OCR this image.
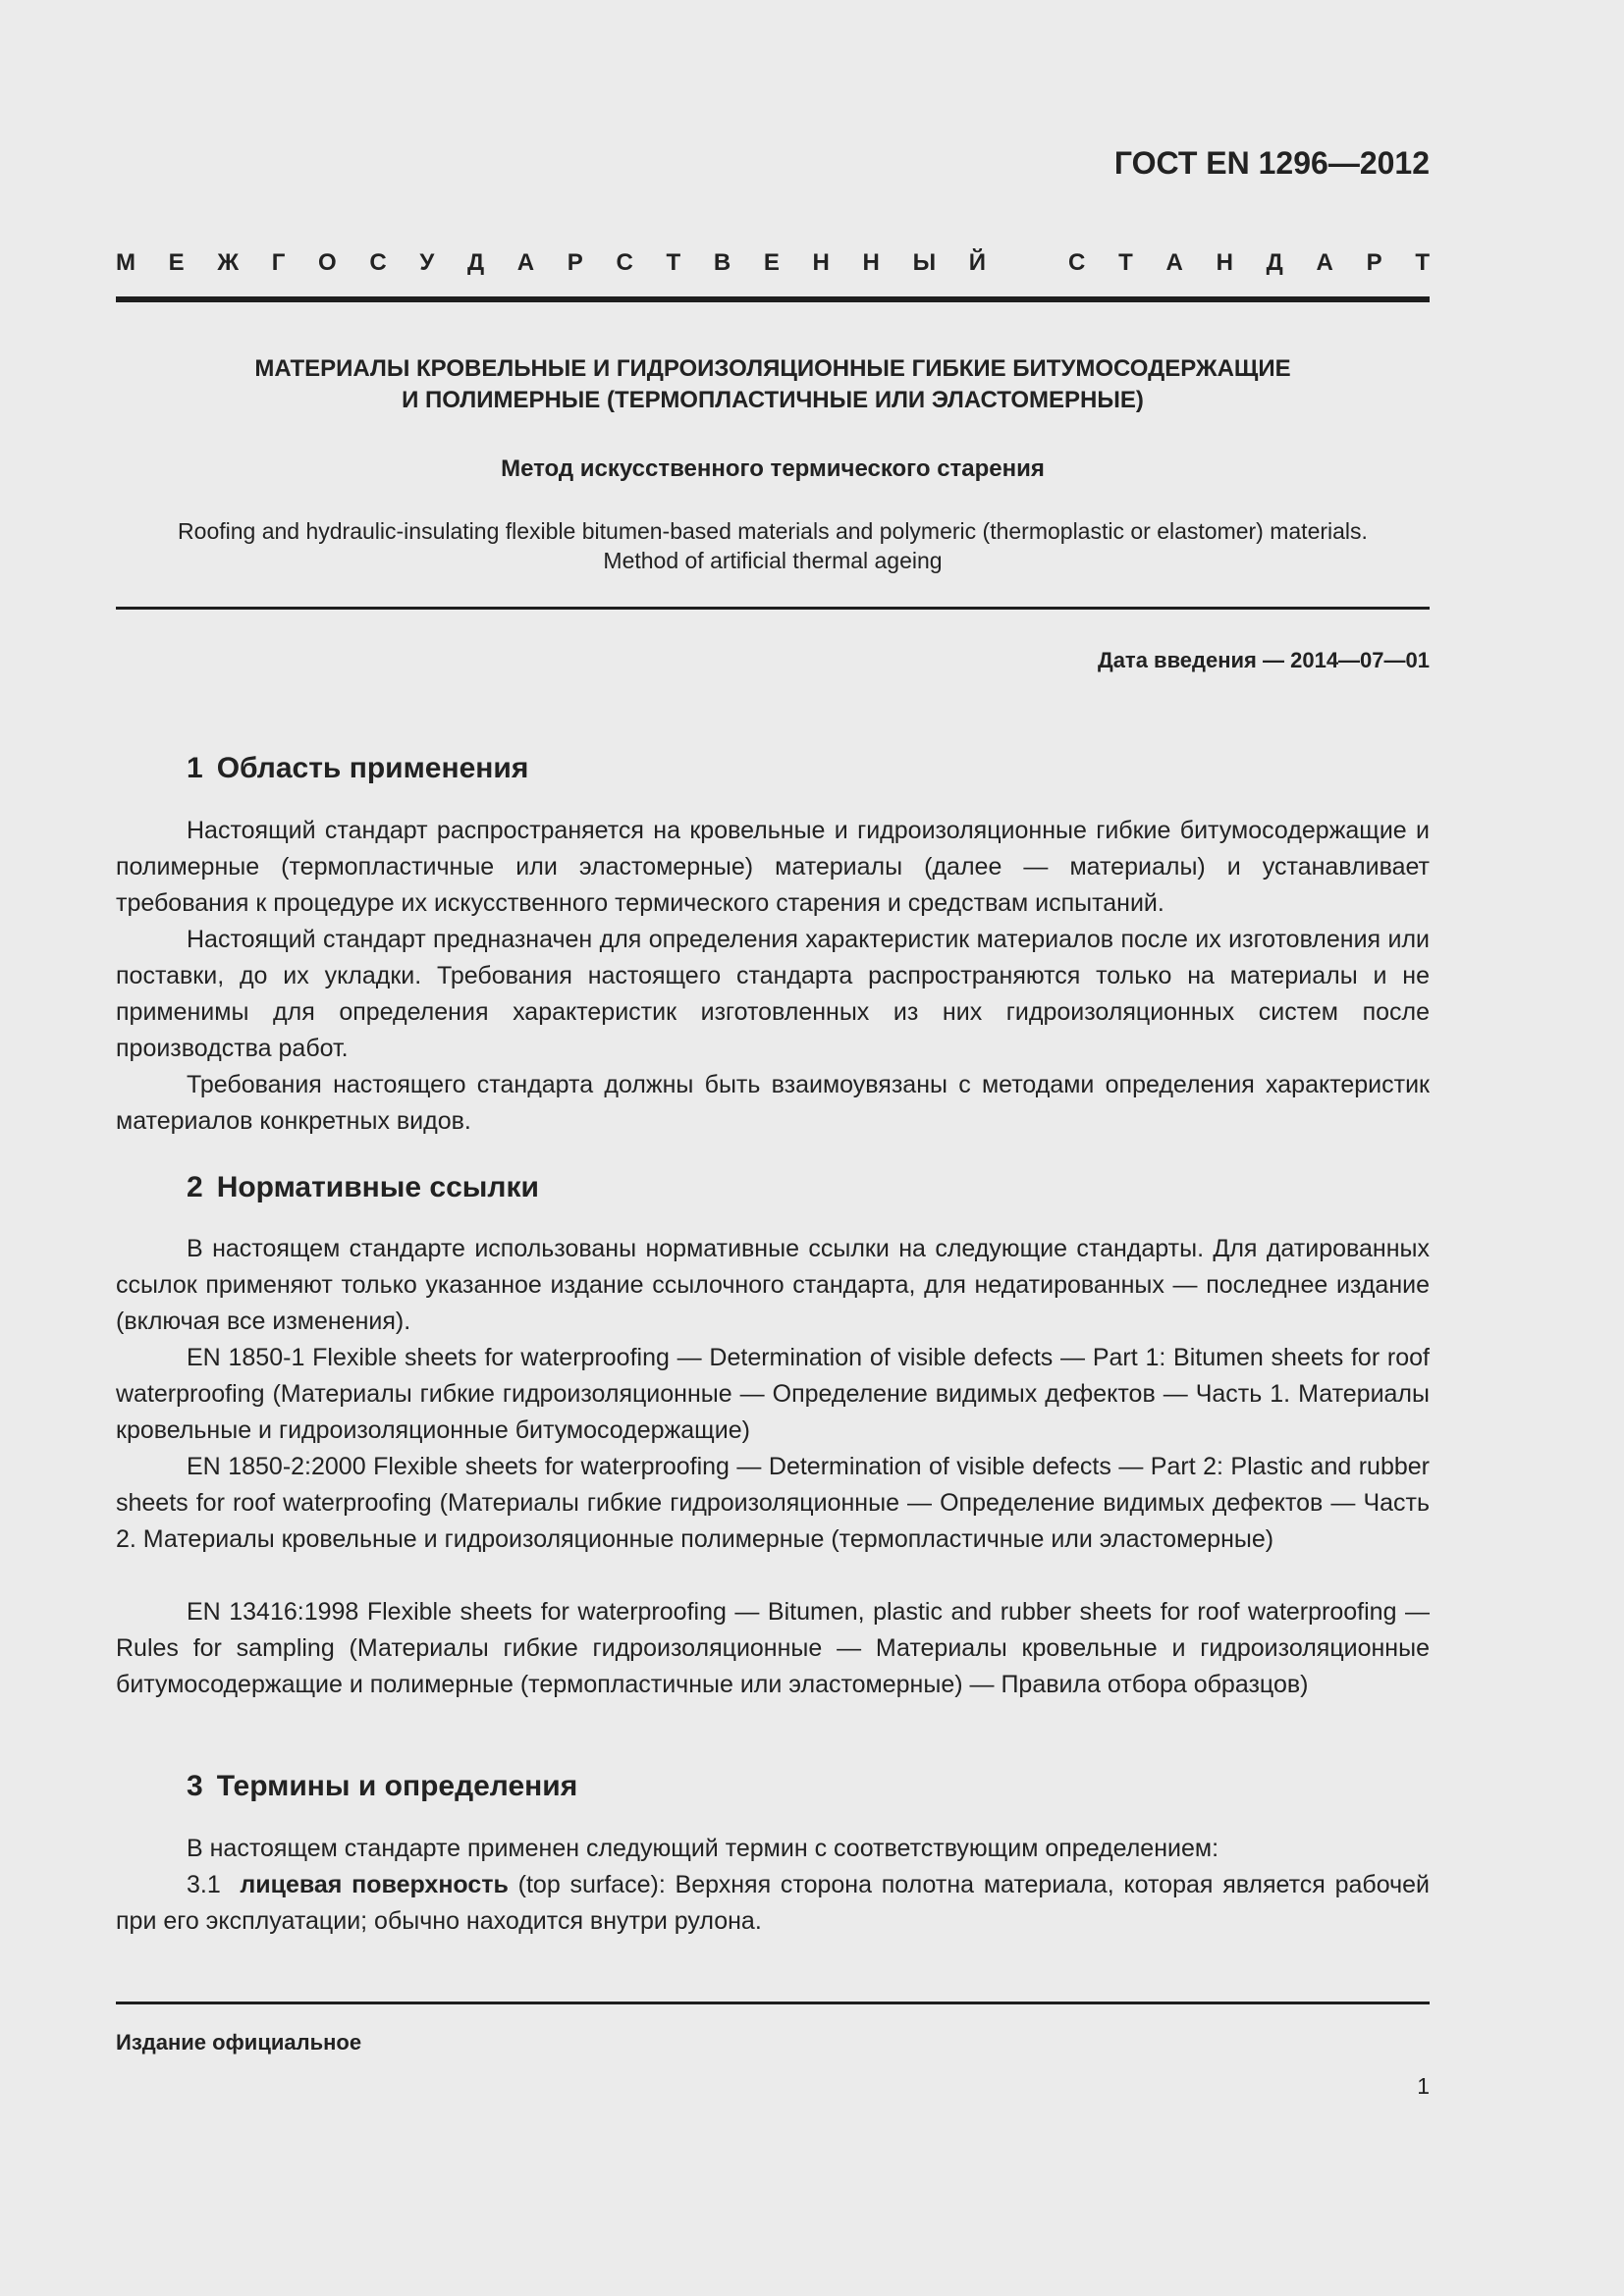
ГОСТ EN 1296—2012
М Е Ж Г О С У Д А Р С Т В Е Н Н Ы Й	С Т А Н Д А Р Т
МАТЕРИАЛЫ КРОВЕЛЬНЫЕ И ГИДРОИЗОЛЯЦИОННЫЕ ГИБКИЕ БИТУМОСОДЕРЖАЩИЕ
И ПОЛИМЕРНЫЕ (ТЕРМОПЛАСТИЧНЫЕ ИЛИ ЭЛАСТОМЕРНЫЕ)
Метод искусственного термического старения
Roofing and hydraulic-insulating flexible bitumen-based materials and polymeric (thermoplastic or elastomer) materials.
Method of artificial thermal ageing
Дата введения — 2014—07—01
1 Область применения
Настоящий стандарт распространяется на кровельные и гидроизоляционные гибкие битумосодержащие и полимерные (термопластичные или эластомерные) материалы (далее — материалы) и устанавливает требования к процедуре их искусственного термического старения и средствам испытаний.
Настоящий стандарт предназначен для определения характеристик материалов после их изготовления или поставки, до их укладки. Требования настоящего стандарта распространяются только на материалы и не применимы для определения характеристик изготовленных из них гидроизоляционных систем после производства работ.
Требования настоящего стандарта должны быть взаимоувязаны с методами определения характеристик материалов конкретных видов.
2 Нормативные ссылки
В настоящем стандарте использованы нормативные ссылки на следующие стандарты. Для датированных ссылок применяют только указанное издание ссылочного стандарта, для недатированных — последнее издание (включая все изменения).
EN 1850-1 Flexible sheets for waterproofing — Determination of visible defects — Part 1: Bitumen sheets for roof waterproofing (Материалы гибкие гидроизоляционные — Определение видимых дефектов — Часть 1. Материалы кровельные и гидроизоляционные битумосодержащие)
EN 1850-2:2000 Flexible sheets for waterproofing — Determination of visible defects — Part 2: Plastic and rubber sheets for roof waterproofing (Материалы гибкие гидроизоляционные — Определение видимых дефектов — Часть 2. Материалы кровельные и гидроизоляционные полимерные (термопластичные или эластомерные)
EN 13416:1998 Flexible sheets for waterproofing — Bitumen, plastic and rubber sheets for roof waterproofing — Rules for sampling (Материалы гибкие гидроизоляционные — Материалы кровельные и гидроизоляционные битумосодержащие и полимерные (термопластичные или эластомерные) — Правила отбора образцов)
3 Термины и определения
В настоящем стандарте применен следующий термин с соответствующим определением:
3.1 лицевая поверхность (top surface): Верхняя сторона полотна материала, которая является рабочей при его эксплуатации; обычно находится внутри рулона.
Издание официальное
1
